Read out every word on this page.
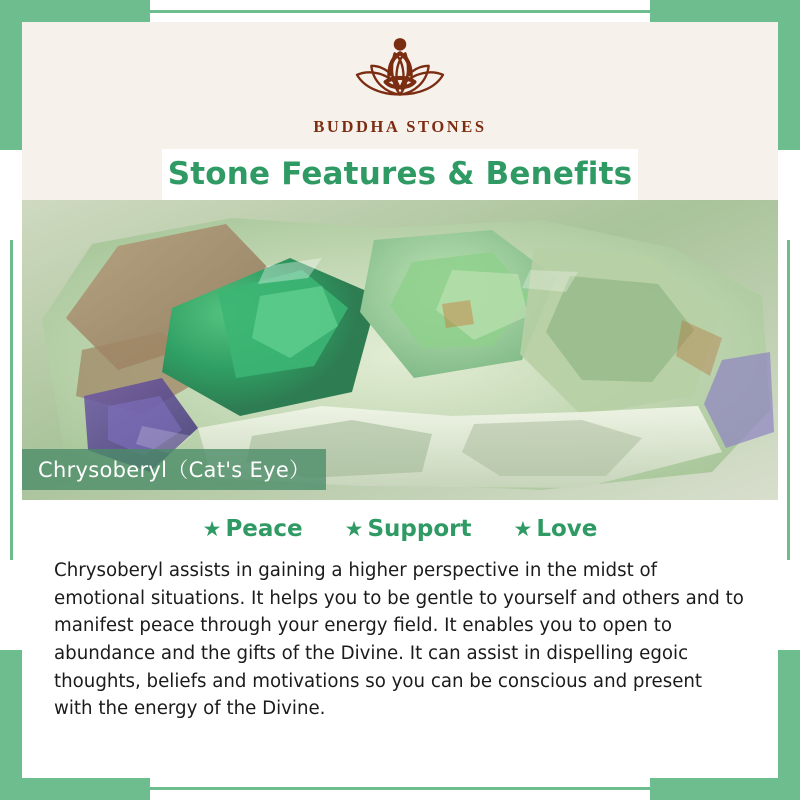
BUDDHA STONES
Stone Features & Benefits
Chrysoberyl（Cat's Eye）
★ Peace ★ Support ★ Love

Chrysoberyl assists in gaining a higher perspective in the midst of emotional situations. It helps you to be gentle to yourself and others and to manifest peace through your energy field. It enables you to open to abundance and the gifts of the Divine. It can assist in dispelling egoic thoughts, beliefs and motivations so you can be conscious and present with the energy of the Divine.
